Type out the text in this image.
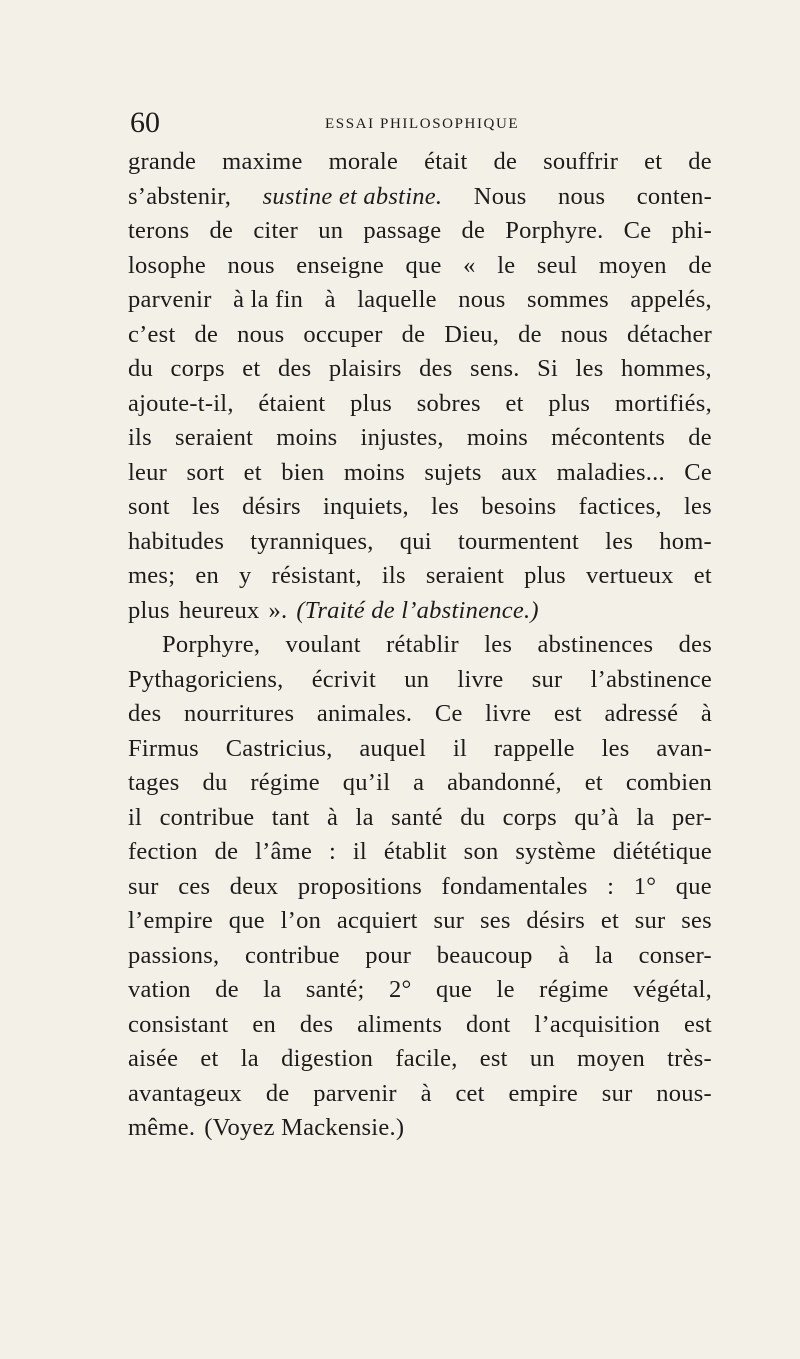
60	ESSAI PHILOSOPHIQUE
grande maxime morale était de souffrir et de
s’abstenir, sustine et abstine. Nous nous conten-
terons de citer un passage de Porphyre. Ce phi-
losophe nous enseigne que « le seul moyen de
parvenir à la fin à laquelle nous sommes appelés,
c’est de nous occuper de Dieu, de nous détacher
du corps et des plaisirs des sens. Si les hommes,
ajoute-t-il, étaient plus sobres et plus mortifiés,
ils seraient moins injustes, moins mécontents de
leur sort et bien moins sujets aux maladies... Ce
sont les désirs inquiets, les besoins factices, les
habitudes tyranniques, qui tourmentent les hom-
mes; en y résistant, ils seraient plus vertueux et
plus heureux ». (Traité de l’abstinence.)
Porphyre, voulant rétablir les abstinences des
Pythagoriciens, écrivit un livre sur l’abstinence
des nourritures animales. Ce livre est adressé à
Firmus Castricius, auquel il rappelle les avan-
tages du régime qu’il a abandonné, et combien
il contribue tant à la santé du corps qu’à la per-
fection de l’âme : il établit son système diététique
sur ces deux propositions fondamentales : 1° que
l’empire que l’on acquiert sur ses désirs et sur ses
passions, contribue pour beaucoup à la conser-
vation de la santé; 2° que le régime végétal,
consistant en des aliments dont l’acquisition est
aisée et la digestion facile, est un moyen très-
avantageux de parvenir à cet empire sur nous-
même. (Voyez Mackensie.)
